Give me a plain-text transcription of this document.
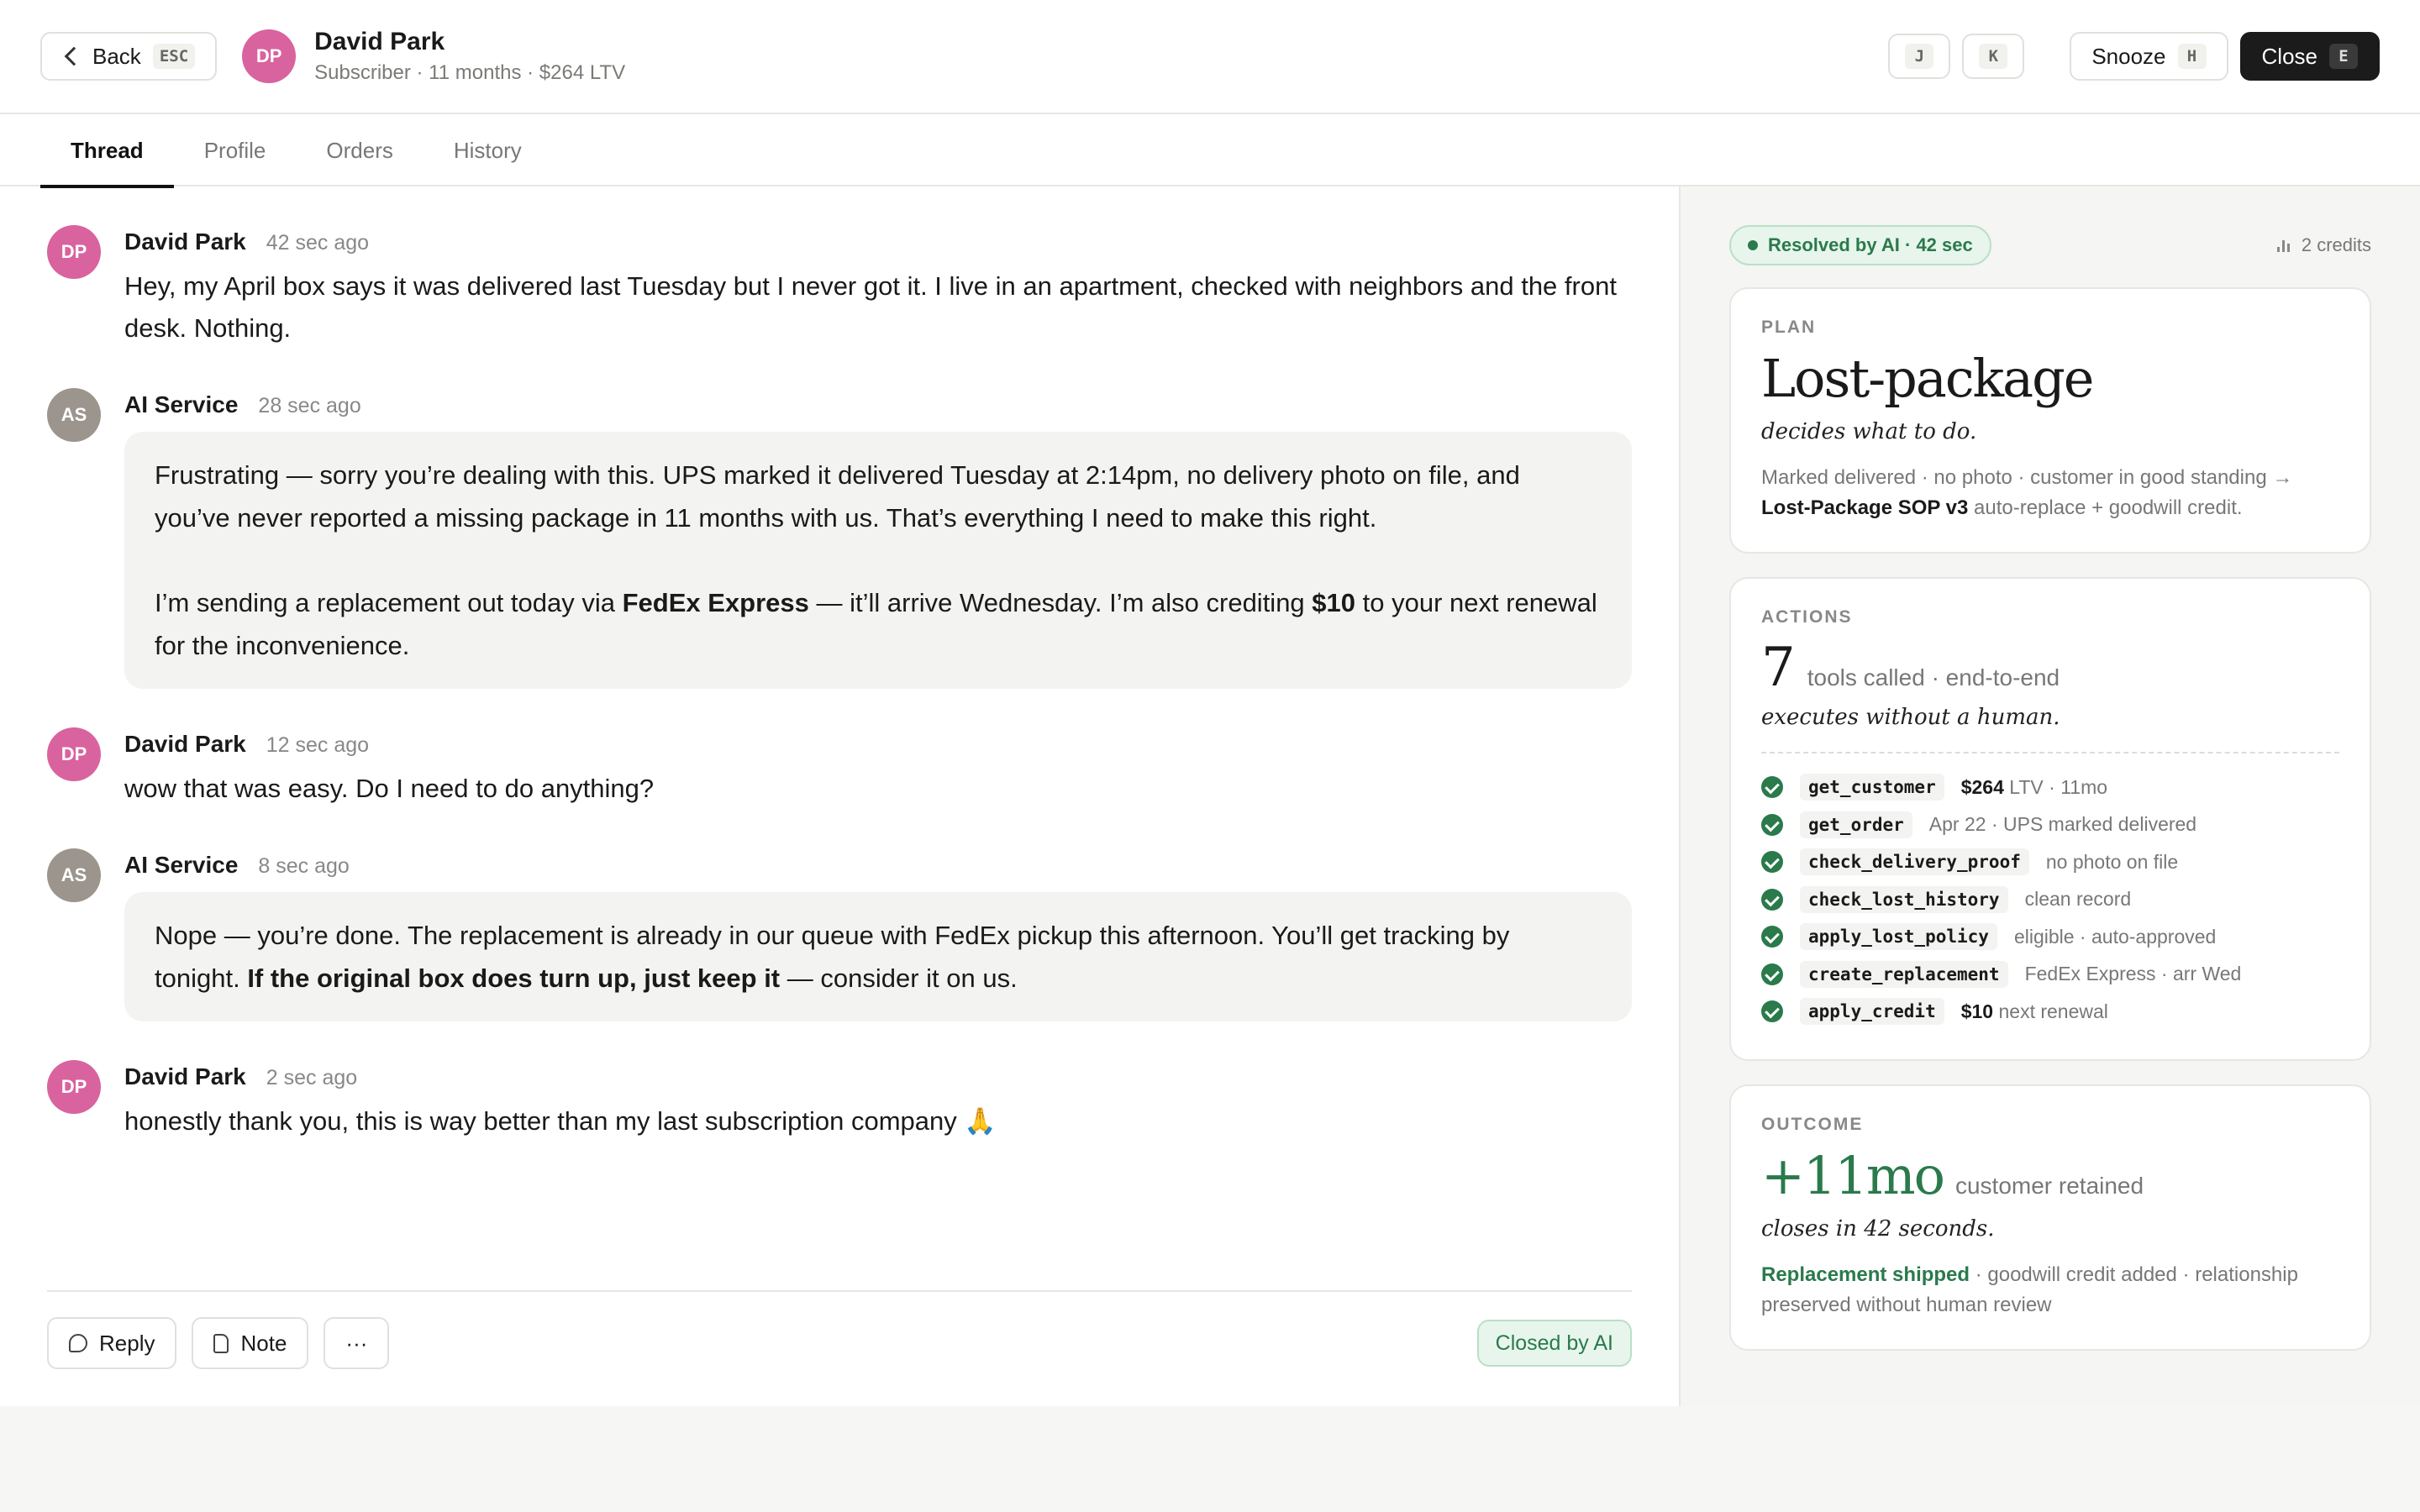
Back	ESC	DP
David Park
Subscriber · 11 months · $264 LTV
J	K	Snooze	H	Close	E
Thread	Profile	Orders	History
DP	David Park 42 sec ago
Hey, my April box says it was delivered last Tuesday but I never got it. I live in an apartment, checked with neighbors and the front desk. Nothing.
AS	AI Service 28 sec ago

Frustrating — sorry you’re dealing with this. UPS marked it delivered Tuesday at 2:14pm, no delivery photo on file, and you’ve never reported a missing package in 11 months with us. That’s everything I need to make this right.

I’m sending a replacement out today via FedEx Express — it’ll arrive Wednesday. I’m also crediting $10 to your next renewal for the inconvenience.

DP	David Park 12 sec ago
wow that was easy. Do I need to do anything?
AS	AI Service 8 sec ago

Nope — you’re done. The replacement is already in our queue with FedEx pickup this afternoon. You’ll get tracking by tonight. If the original box does turn up, just keep it — consider it on us.

DP	David Park 2 sec ago
honestly thank you, this is way better than my last subscription company 🙏
Reply	Note	···	Closed by AI
Resolved by AI · 42 sec	2 credits
PLAN
Lost-package
decides what to do.
Marked delivered · no photo · customer in good standing → Lost-Package SOP v3 auto-replace + goodwill credit.
ACTIONS
7 tools called · end-to-end
executes without a human.
get_customer	$264 LTV · 11mo
get_order	Apr 22 · UPS marked delivered
check_delivery_proof	no photo on file
check_lost_history	clean record
apply_lost_policy	eligible · auto-approved
create_replacement	FedEx Express · arr Wed
apply_credit	$10 next renewal
OUTCOME
+11mo customer retained
closes in 42 seconds.
Replacement shipped · goodwill credit added · relationship preserved without human review
